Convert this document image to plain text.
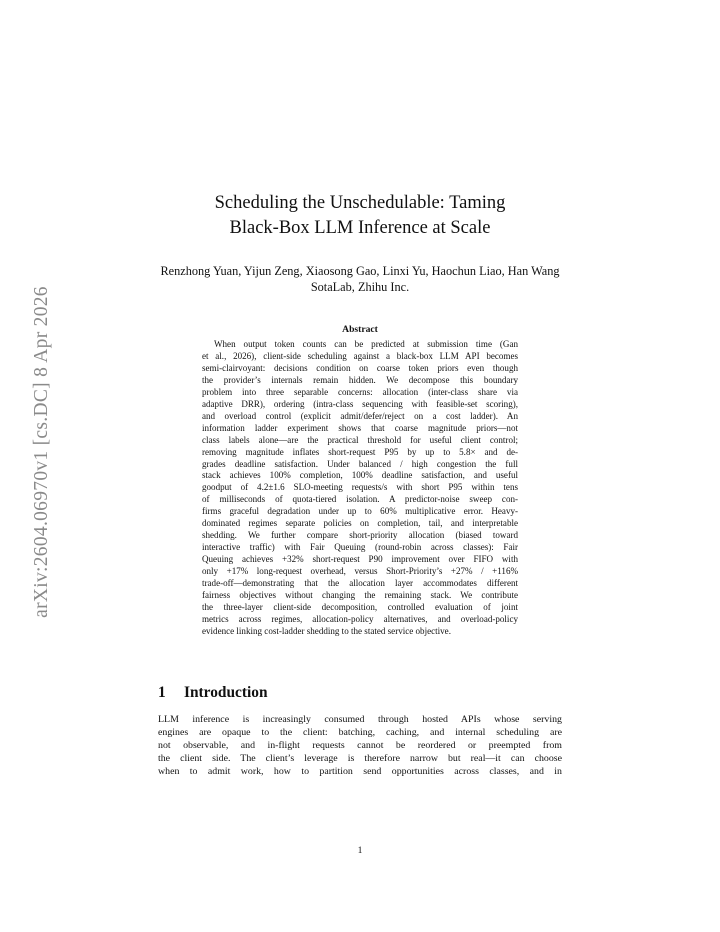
arXiv:2604.06970v1 [cs.DC] 8 Apr 2026
Scheduling the Unschedulable: Taming
Black-Box LLM Inference at Scale
Renzhong Yuan, Yijun Zeng, Xiaosong Gao, Linxi Yu, Haochun Liao, Han Wang
SotaLab, Zhihu Inc.
Abstract
When output token counts can be predicted at submission time (Gan
et al., 2026), client-side scheduling against a black-box LLM API becomes
semi-clairvoyant: decisions condition on coarse token priors even though
the provider’s internals remain hidden. We decompose this boundary
problem into three separable concerns: allocation (inter-class share via
adaptive DRR), ordering (intra-class sequencing with feasible-set scoring),
and overload control (explicit admit/defer/reject on a cost ladder). An
information ladder experiment shows that coarse magnitude priors—not
class labels alone—are the practical threshold for useful client control;
removing magnitude inflates short-request P95 by up to 5.8× and de-
grades deadline satisfaction. Under balanced / high congestion the full
stack achieves 100% completion, 100% deadline satisfaction, and useful
goodput of 4.2±1.6 SLO-meeting requests/s with short P95 within tens
of milliseconds of quota-tiered isolation. A predictor-noise sweep con-
firms graceful degradation under up to 60% multiplicative error. Heavy-
dominated regimes separate policies on completion, tail, and interpretable
shedding. We further compare short-priority allocation (biased toward
interactive traffic) with Fair Queuing (round-robin across classes): Fair
Queuing achieves +32% short-request P90 improvement over FIFO with
only +17% long-request overhead, versus Short-Priority’s +27% / +116%
trade-off—demonstrating that the allocation layer accommodates different
fairness objectives without changing the remaining stack. We contribute
the three-layer client-side decomposition, controlled evaluation of joint
metrics across regimes, allocation-policy alternatives, and overload-policy
evidence linking cost-ladder shedding to the stated service objective.
1 Introduction
LLM inference is increasingly consumed through hosted APIs whose serving
engines are opaque to the client: batching, caching, and internal scheduling are
not observable, and in-flight requests cannot be reordered or preempted from
the client side. The client’s leverage is therefore narrow but real—it can choose
when to admit work, how to partition send opportunities across classes, and in
1
